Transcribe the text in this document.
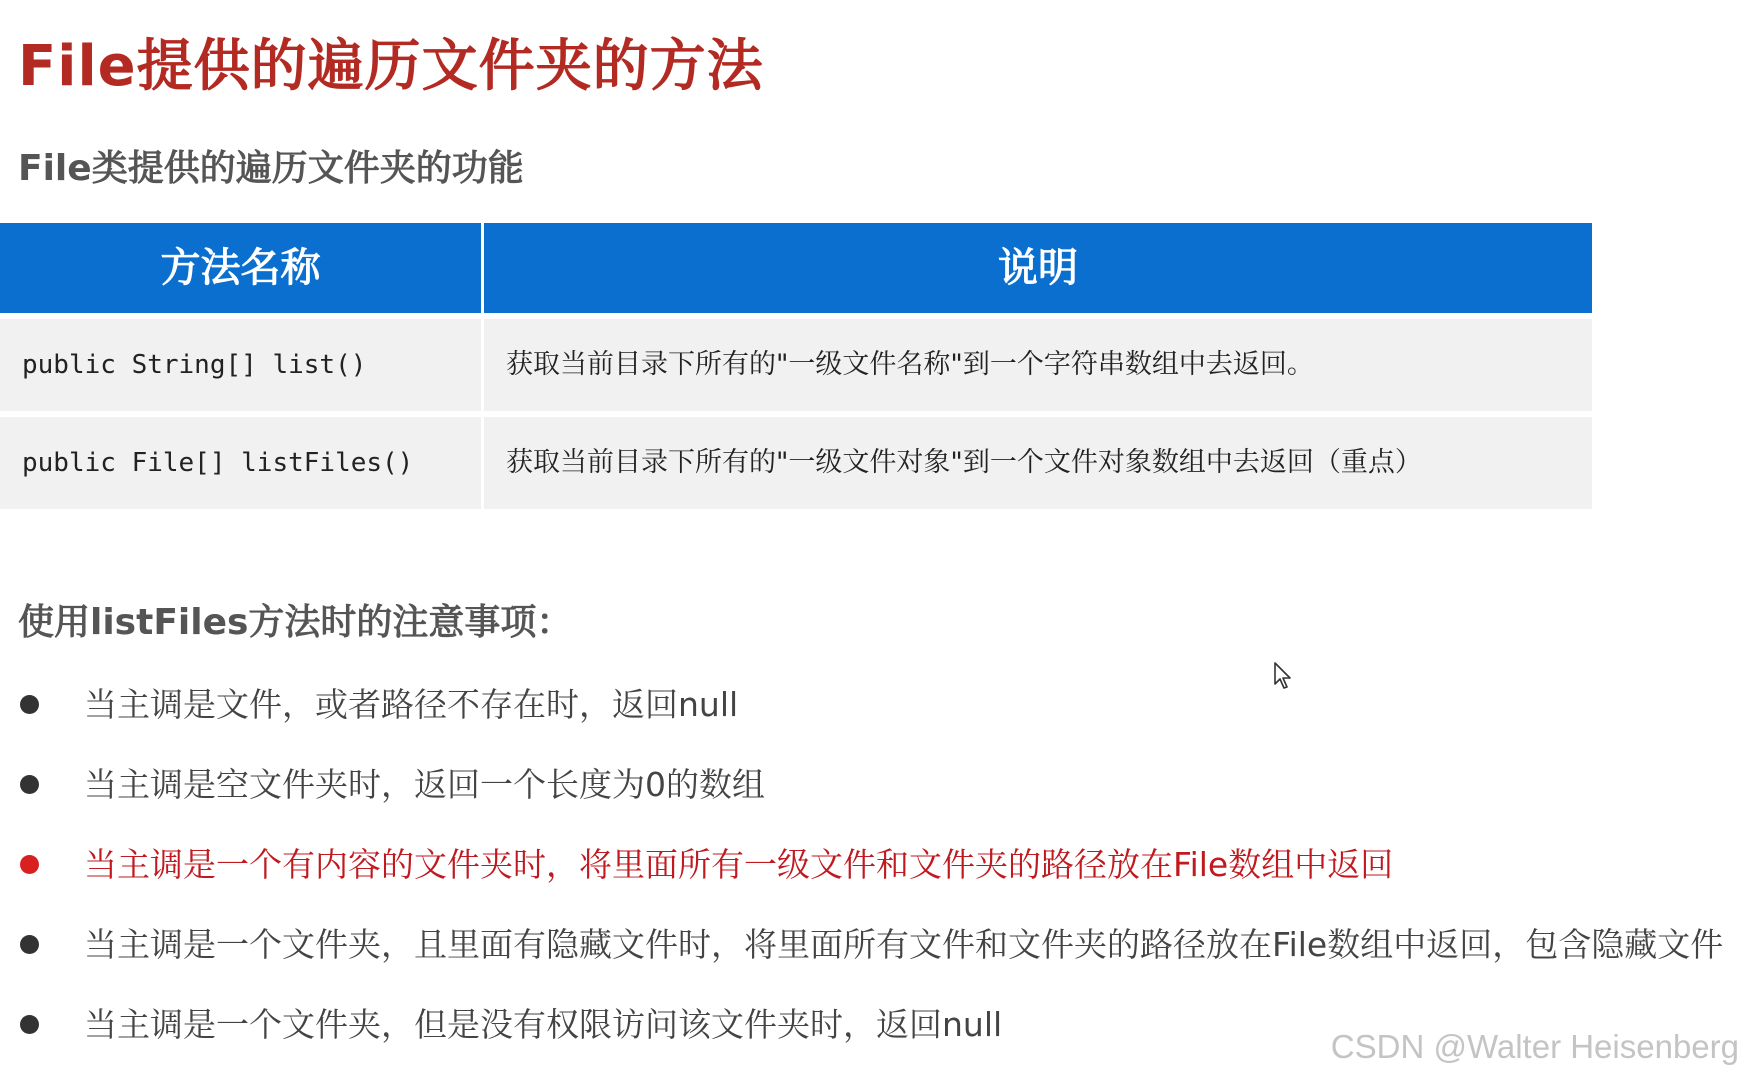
File提供的遍历文件夹的方法
File类提供的遍历文件夹的功能
方法名称	说明
public String[] list()	获取当前目录下所有的"一级文件名称"到一个字符串数组中去返回。
public File[] listFiles()	获取当前目录下所有的"一级文件对象"到一个文件对象数组中去返回（重点）
使用listFiles方法时的注意事项：
当主调是文件，或者路径不存在时，返回null
当主调是空文件夹时，返回一个长度为0的数组
当主调是一个有内容的文件夹时，将里面所有一级文件和文件夹的路径放在File数组中返回
当主调是一个文件夹，且里面有隐藏文件时，将里面所有文件和文件夹的路径放在File数组中返回，包含隐藏文件
当主调是一个文件夹，但是没有权限访问该文件夹时，返回null
CSDN @Walter Heisenberg
